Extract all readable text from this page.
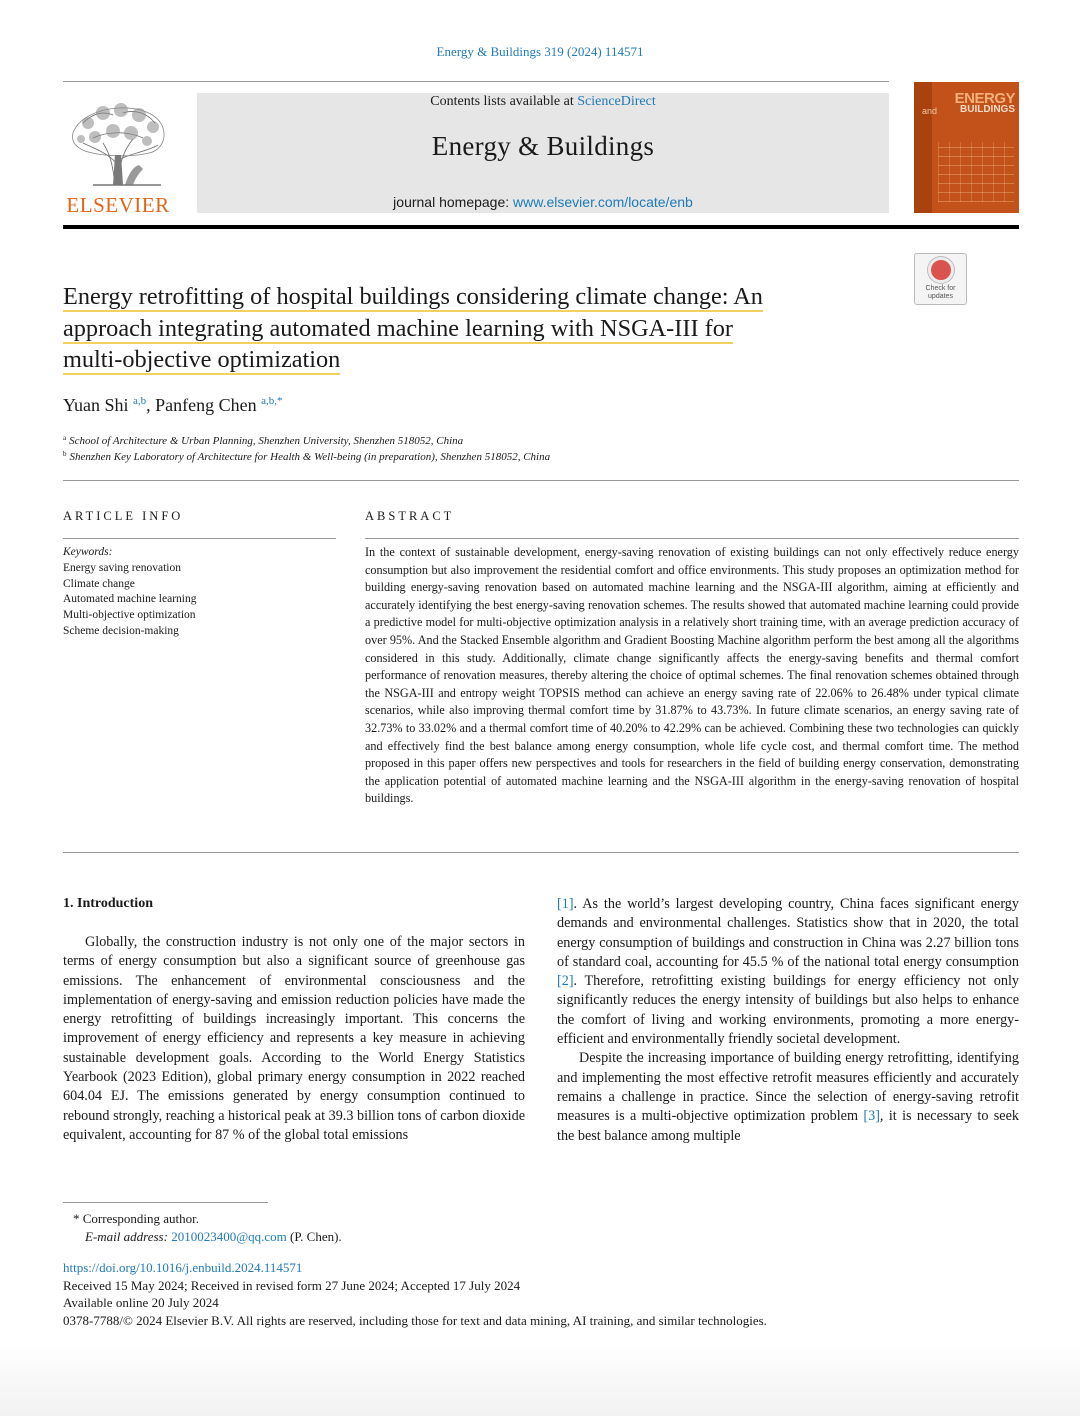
Energy & Buildings 319 (2024) 114571
ELSEVIER
Contents lists available at ScienceDirect
Energy & Buildings
journal homepage: www.elsevier.com/locate/enb
ENERGY
and BUILDINGS
Check for updates
Energy retrofitting of hospital buildings considering climate change: An
approach integrating automated machine learning with NSGA-III for
multi-objective optimization
Yuan Shi $^{a,b}$, Panfeng Chen $^{a,b,*}$
$^a$ School of Architecture & Urban Planning, Shenzhen University, Shenzhen 518052, China
$^b$ Shenzhen Key Laboratory of Architecture for Health & Well-being (in preparation), Shenzhen 518052, China
ARTICLE INFO
Keywords:
Energy saving renovation
Climate change
Automated machine learning
Multi-objective optimization
Scheme decision-making
ABSTRACT
In the context of sustainable development, energy-saving renovation of existing buildings can not only effectively reduce energy consumption but also improvement the residential comfort and office environments. This study proposes an optimization method for building energy-saving renovation based on automated machine learning and the NSGA-III algorithm, aiming at efficiently and accurately identifying the best energy-saving renovation schemes. The results showed that automated machine learning could provide a predictive model for multi-objective optimization analysis in a relatively short training time, with an average prediction accuracy of over 95%. And the Stacked Ensemble algorithm and Gradient Boosting Machine algorithm perform the best among all the algorithms considered in this study. Additionally, climate change significantly affects the energy-saving benefits and thermal comfort performance of renovation measures, thereby altering the choice of optimal schemes. The final renovation schemes obtained through the NSGA-III and entropy weight TOPSIS method can achieve an energy saving rate of 22.06% to 26.48% under typical climate scenarios, while also improving thermal comfort time by 31.87% to 43.73%. In future climate scenarios, an energy saving rate of 32.73% to 33.02% and a thermal comfort time of 40.20% to 42.29% can be achieved. Combining these two technologies can quickly and effectively find the best balance among energy consumption, whole life cycle cost, and thermal comfort time. The method proposed in this paper offers new perspectives and tools for researchers in the field of building energy conservation, demonstrating the application potential of automated machine learning and the NSGA-III algorithm in the energy-saving renovation of hospital buildings.
1. Introduction

Globally, the construction industry is not only one of the major sectors in terms of energy consumption but also a significant source of greenhouse gas emissions. The enhancement of environmental consciousness and the implementation of energy-saving and emission reduction policies have made the energy retrofitting of buildings increasingly important. This concerns the improvement of energy efficiency and represents a key measure in achieving sustainable development goals. According to the World Energy Statistics Yearbook (2023 Edition), global primary energy consumption in 2022 reached 604.04 EJ. The emissions generated by energy consumption continued to rebound strongly, reaching a historical peak at 39.3 billion tons of carbon dioxide equivalent, accounting for 87 % of the global total emissions

[1]. As the world’s largest developing country, China faces significant energy demands and environmental challenges. Statistics show that in 2020, the total energy consumption of buildings and construction in China was 2.27 billion tons of standard coal, accounting for 45.5 % of the national total energy consumption [2]. Therefore, retrofitting existing buildings for energy efficiency not only significantly reduces the energy intensity of buildings but also helps to enhance the comfort of living and working environments, promoting a more energy-efficient and environmentally friendly societal development.

Despite the increasing importance of building energy retrofitting, identifying and implementing the most effective retrofit measures efficiently and accurately remains a challenge in practice. Since the selection of energy-saving retrofit measures is a multi-objective optimization problem [3], it is necessary to seek the best balance among multiple

* Corresponding author.
E-mail address: 2010023400@qq.com (P. Chen).
https://doi.org/10.1016/j.enbuild.2024.114571
Received 15 May 2024; Received in revised form 27 June 2024; Accepted 17 July 2024
Available online 20 July 2024
0378-7788/© 2024 Elsevier B.V. All rights are reserved, including those for text and data mining, AI training, and similar technologies.
